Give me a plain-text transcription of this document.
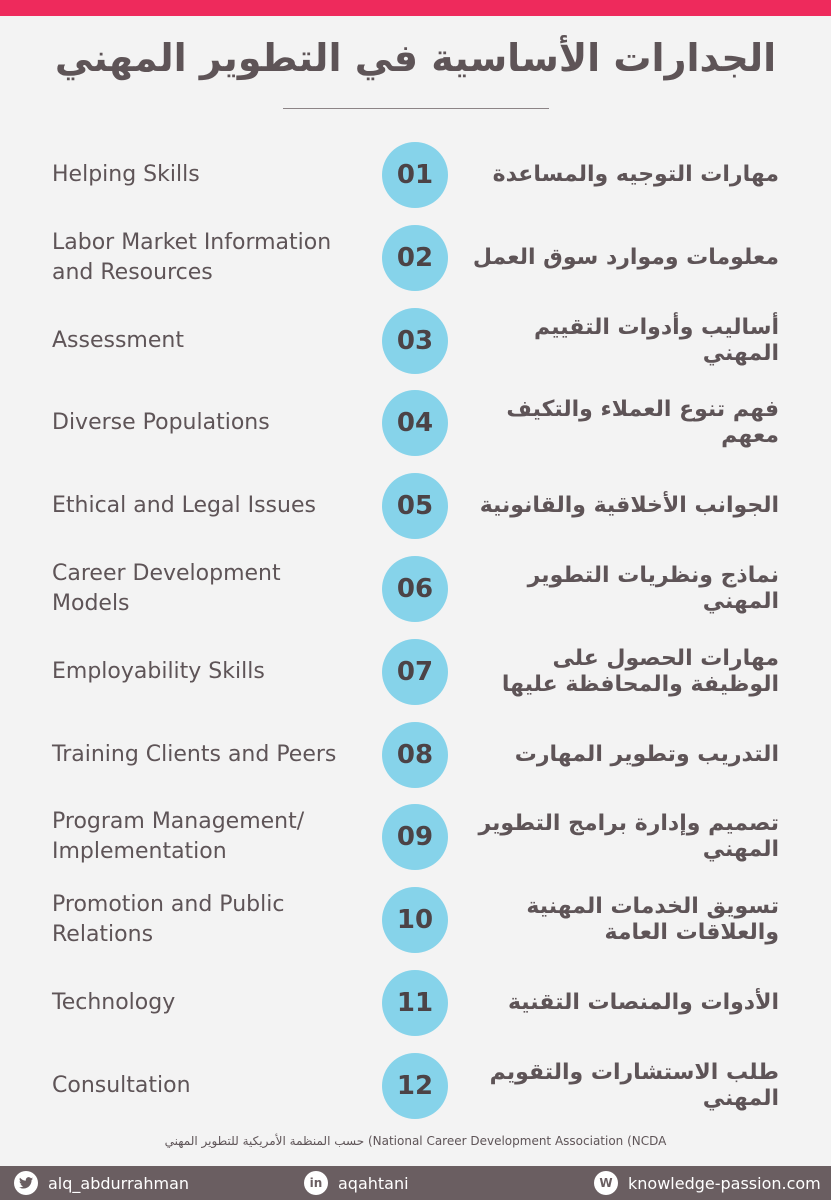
الجدارات الأساسية في التطوير المهني
Helping Skills	01	مهارات التوجيه والمساعدة
Labor Market Information and Resources	02	معلومات وموارد سوق العمل
Assessment	03	أساليب وأدوات التقييم المهني
Diverse Populations	04	فهم تنوع العملاء والتكيف معهم
Ethical and Legal Issues	05	الجوانب الأخلاقية والقانونية
Career Development Models	06	نماذج ونظريات التطوير المهني
Employability Skills	07	مهارات الحصول على الوظيفة والمحافظة عليها
Training Clients and Peers	08	التدريب وتطوير المهارت
Program Management/ Implementation	09	تصميم وإدارة برامج التطوير المهني
Promotion and Public Relations	10	تسويق الخدمات المهنية والعلاقات العامة
Technology	11	الأدوات والمنصات التقنية
Consultation	12	طلب الاستشارات والتقويم المهني
حسب المنظمة الأمريكية للتطوير المهني (National Career Development Association (NCDA
alq_abdurrahman	in aqahtani	W knowledge-passion.com
